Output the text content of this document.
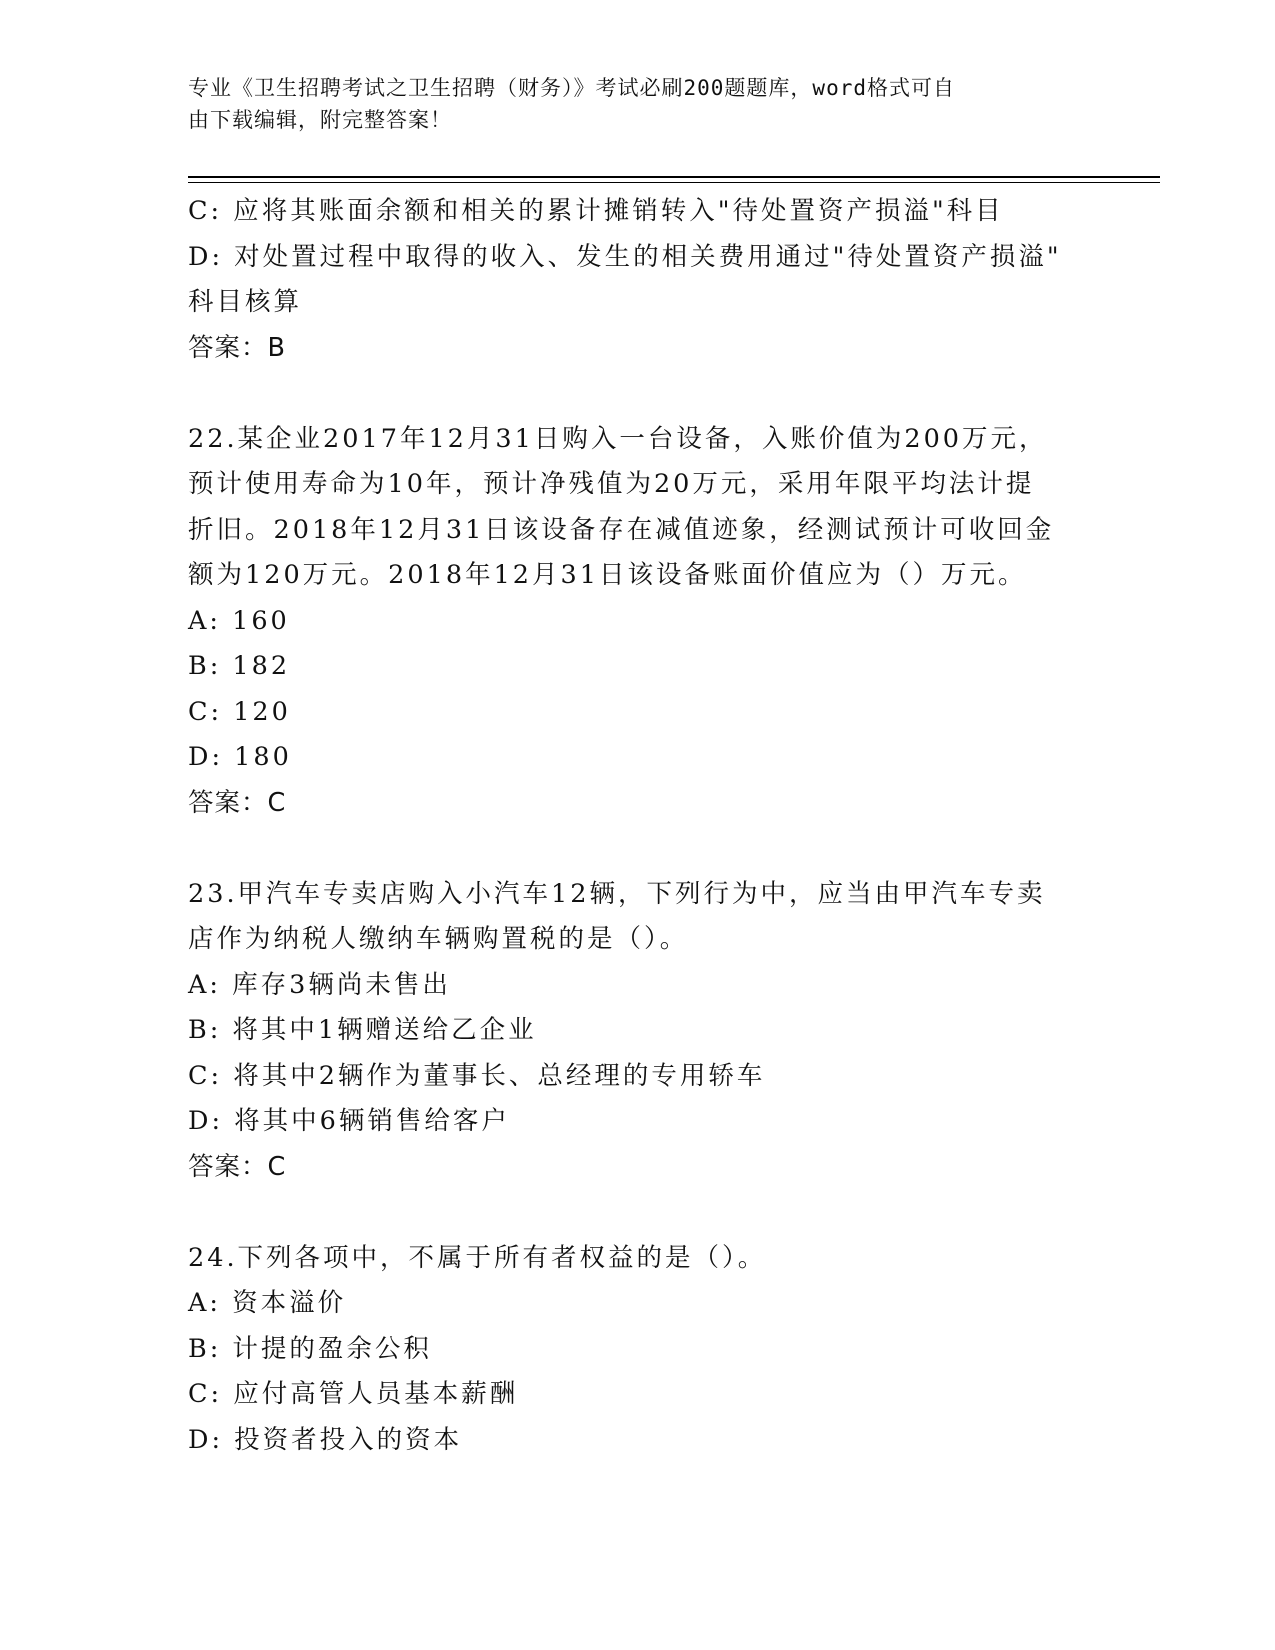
专业《卫生招聘考试之卫生招聘（财务）》考试必刷200题题库，word格式可自
由下载编辑，附完整答案！
C: 应将其账面余额和相关的累计摊销转入"待处置资产损溢"科目
D: 对处置过程中取得的收入、发生的相关费用通过"待处置资产损溢"
科目核算
答案：B
22.某企业2017年12月31日购入一台设备，入账价值为200万元，
预计使用寿命为10年，预计净残值为20万元，采用年限平均法计提
折旧。2018年12月31日该设备存在减值迹象，经测试预计可收回金
额为120万元。2018年12月31日该设备账面价值应为（）万元。
A: 160
B: 182
C: 120
D: 180
答案：C
23.甲汽车专卖店购入小汽车12辆，下列行为中，应当由甲汽车专卖
店作为纳税人缴纳车辆购置税的是（）。
A: 库存3辆尚未售出
B: 将其中1辆赠送给乙企业
C: 将其中2辆作为董事长、总经理的专用轿车
D: 将其中6辆销售给客户
答案：C
24.下列各项中，不属于所有者权益的是（）。
A: 资本溢价
B: 计提的盈余公积
C: 应付高管人员基本薪酬
D: 投资者投入的资本
